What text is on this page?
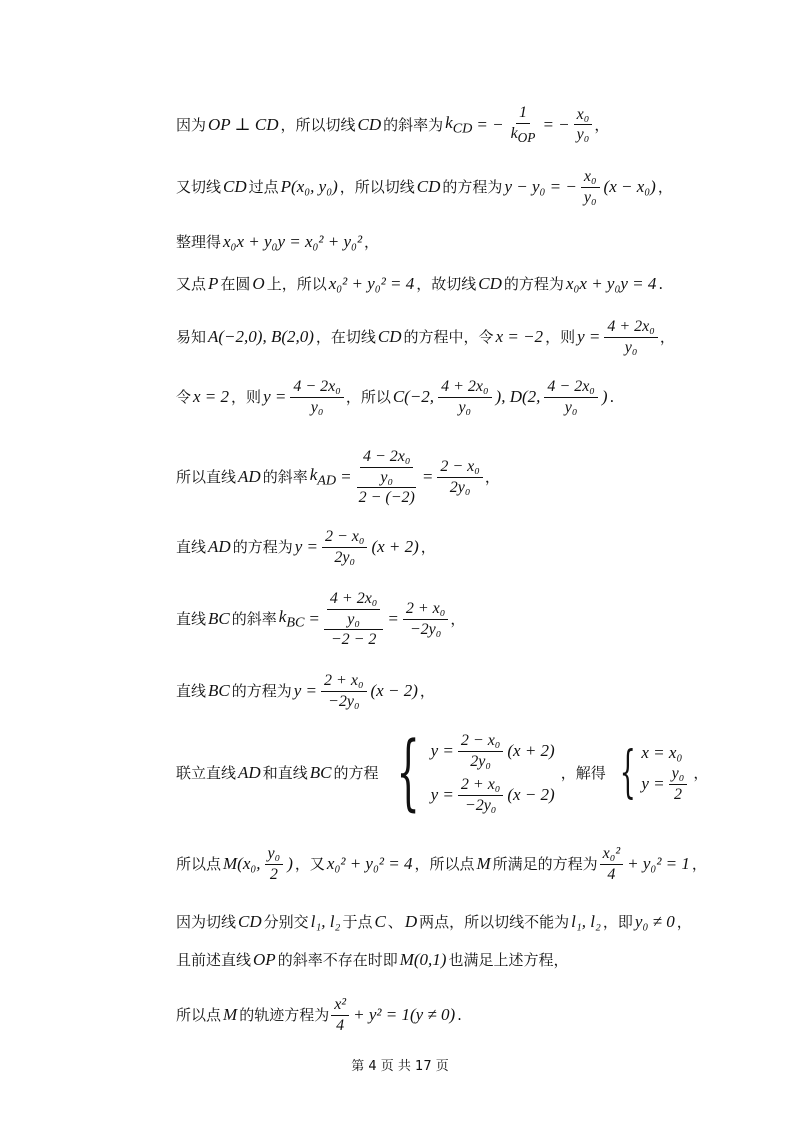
因为 OP ⊥ CD ，所以切线 CD 的斜率为 $k_{CD}$ = − $\frac{1}{k_{OP}}$ = − $\frac{\text{x₀}}{\text{y₀}}$ ，
又切线 CD 过点 P(x₀, y₀) ，所以切线 CD 的方程为 y − y₀ = − $\frac{\text{x₀}}{\text{y₀}} (x - x_0)$ ，
整理得 x₀x + y₀y = x₀² + y₀² ，
又点 P 在圆 O 上，所以 x₀² + y₀² = 4 ，故切线 CD 的方程为 x₀x + y₀y = 4 .
易知 A(−2,0), B(2,0) ，在切线 CD 的方程中，令 x = −2 ，则 $y = \frac{\text{4 + 2x₀}}{\text{y₀}}$ ，
令 x = 2 ，则 $y = \frac{\text{4 − 2x₀}}{\text{y₀}}$ ，所以 C(−2, $\frac{\text{4 + 2x₀}}{\text{y₀}}$ ), D(2, $\frac{\text{4 − 2x₀}}{\text{y₀}}$ ) .
所以直线 AD 的斜率 $k_{AD} = \frac{\frac{\text{4 − 2x₀}}{\text{y₀}}}{2 - (-2)} = \frac{\text{2 − x₀}}{\text{2y₀}}$ ，
直线 AD 的方程为 $y = \frac{\text{2 − x₀}}{\text{2y₀}} (x + 2)$ ，
直线 BC 的斜率 $k_{BC} = \frac{\frac{\text{4 + 2x₀}}{\text{y₀}}}{-2 - 2} = \frac{\text{2 + x₀}}{\text{−2y₀}}$ ，
直线 BC 的方程为 $y = \frac{\text{2 + x₀}}{\text{−2y₀}} (x - 2)$ ，
联立直线 AD 和直线 BC 的方程 { $y = \frac{\text{2 − x₀}}{\text{2y₀}} (x + 2)$
$y = \frac{\text{2 + x₀}}{\text{−2y₀}} (x - 2)$
，解得 { x = x₀
$y = \frac{\text{y₀}}{2}$ ，
所以点 M(x₀, $\frac{\text{y₀}}{2}$ ) ，又 x₀² + y₀² = 4 ，所以点 M 所满足的方程为 $\frac{\text{x₀²}}{4} + y_0^2 = 1$ ，
因为切线 CD 分别交 l₁, l₂ 于点 C 、 D 两点，所以切线不能为 l₁, l₂ ，即 y₀ ≠ 0 ，
且前述直线 OP 的斜率不存在时即 M(0,1) 也满足上述方程，
所以点 M 的轨迹方程为 $\frac{\text{x²}}{4} + y^2 = 1(y \ne 0)$ .
第 4 页 共 17 页
